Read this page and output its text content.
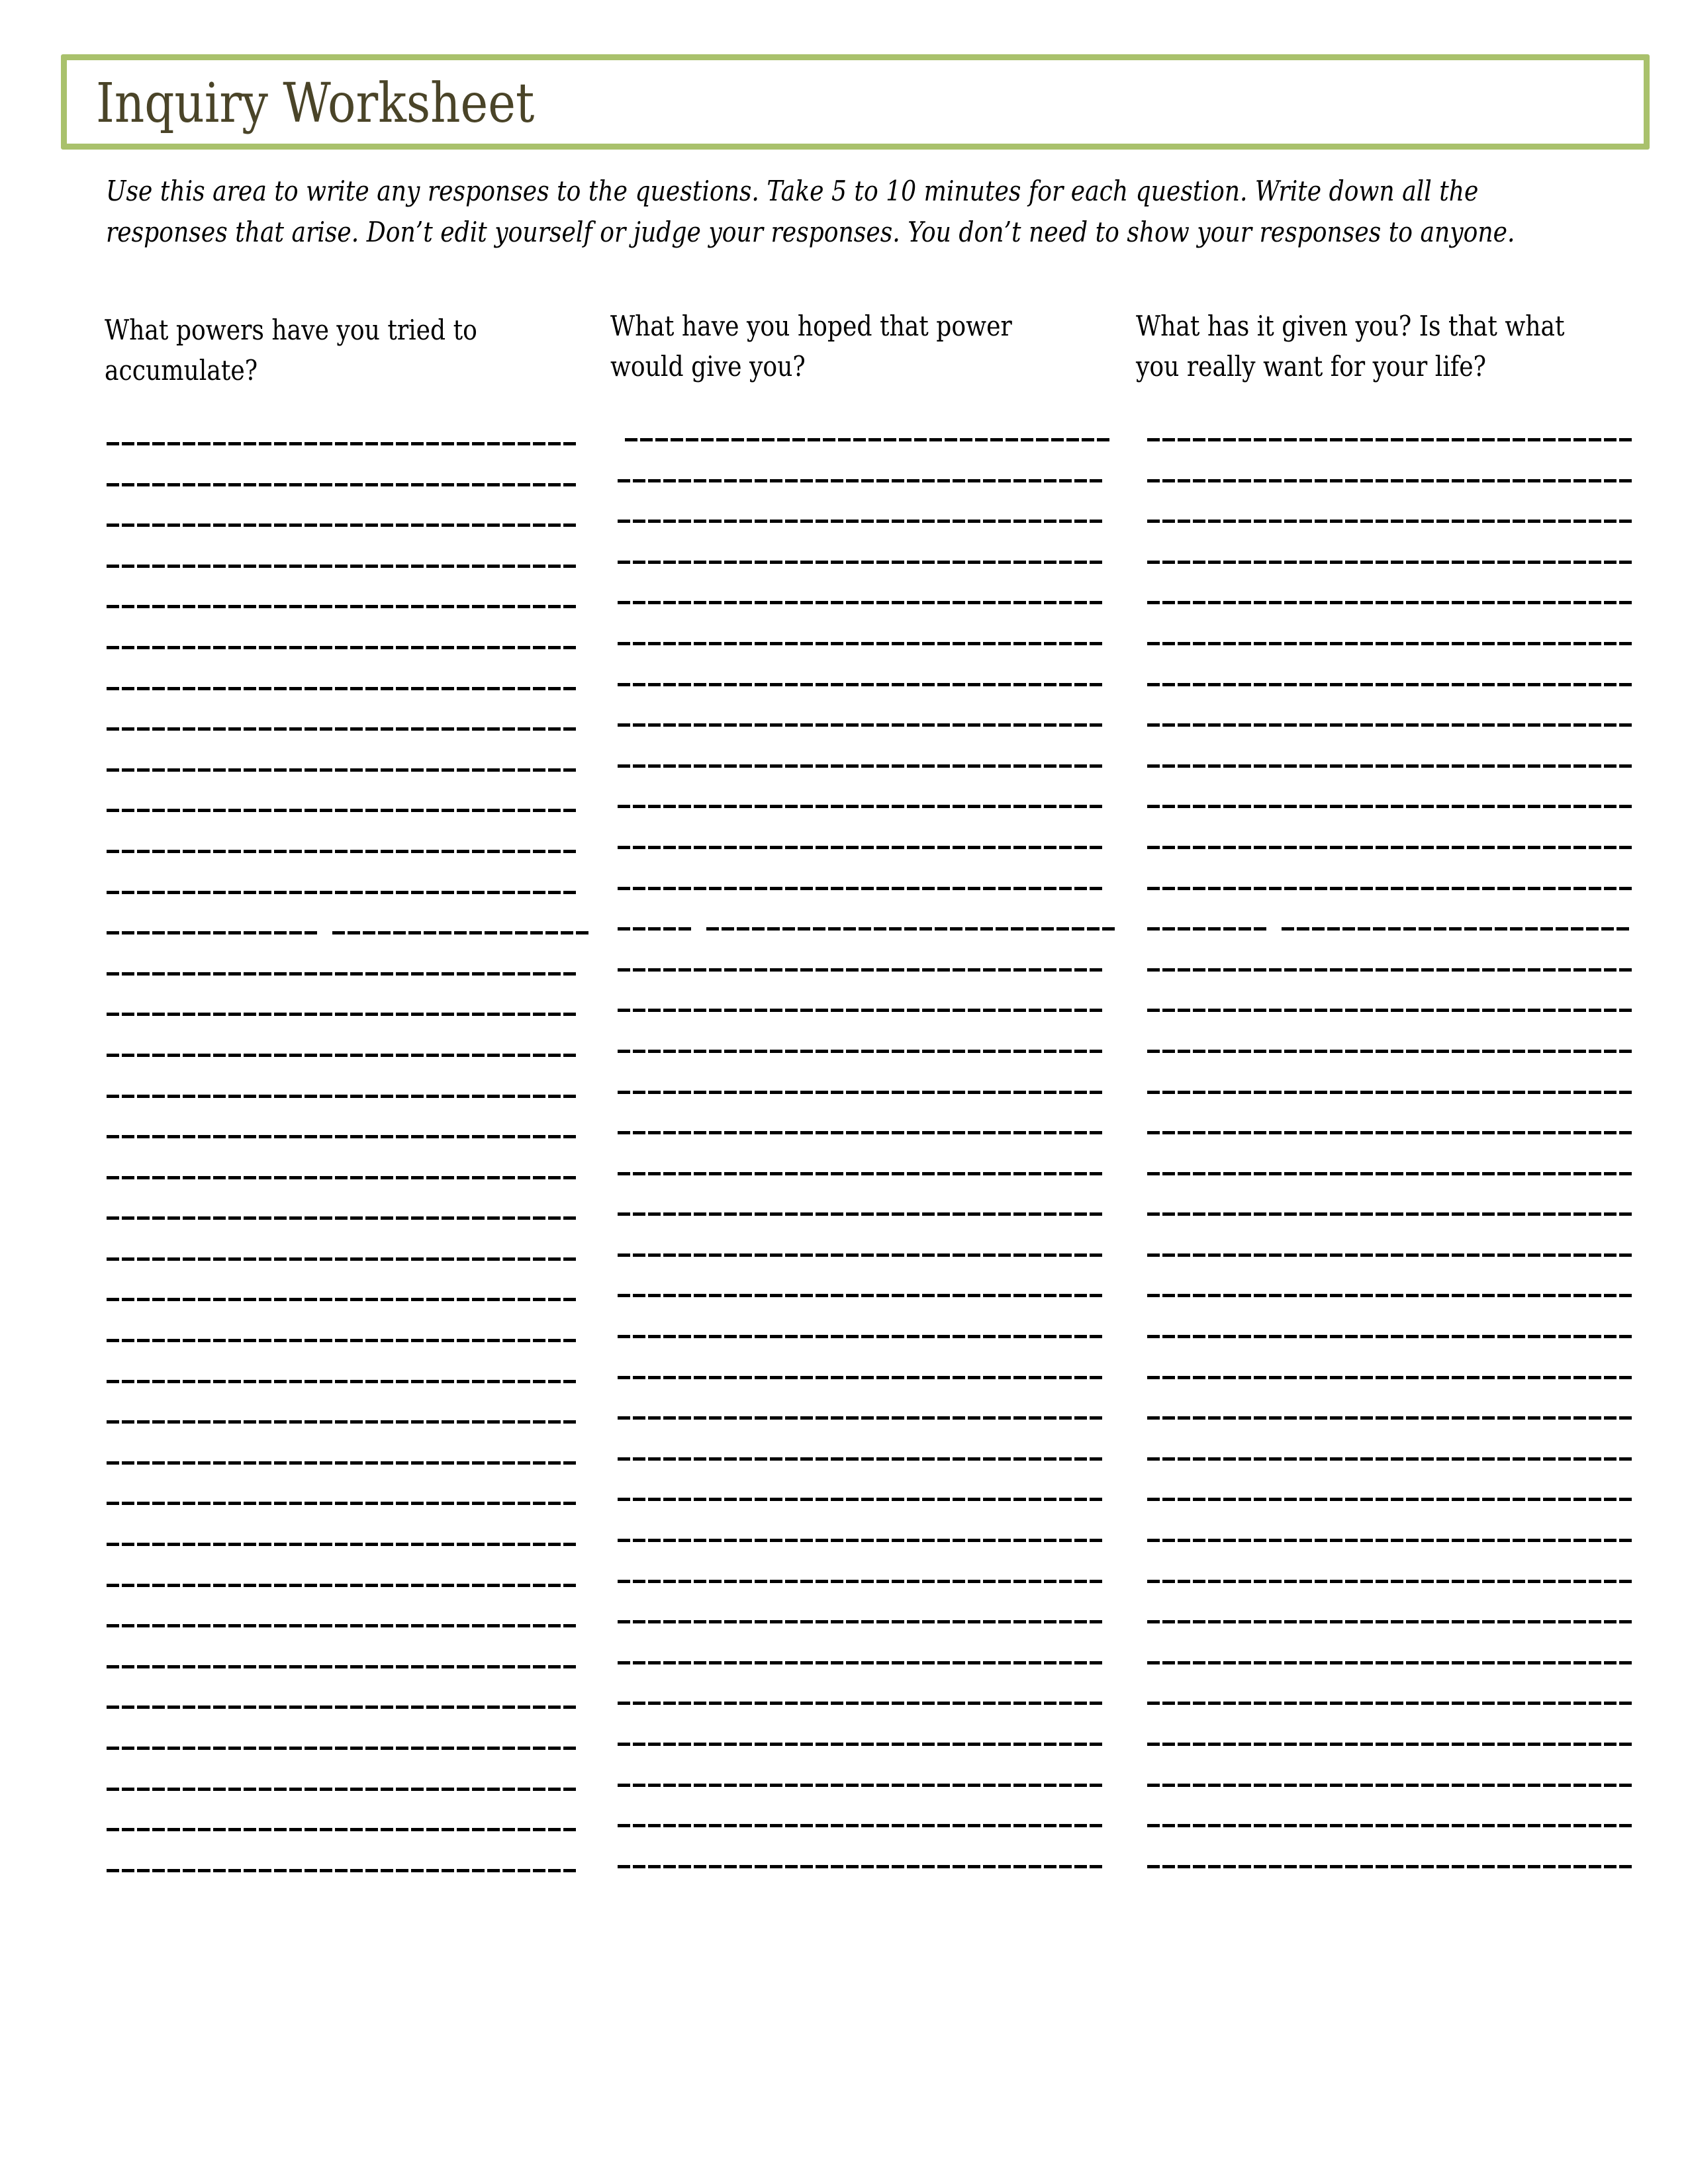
Inquiry Worksheet
Use this area to write any responses to the questions. Take 5 to 10 minutes for each question. Write down all the
responses that arise. Don’t edit yourself or judge your responses. You don’t need to show your responses to anyone.
What powers have you tried to
accumulate?
What have you hoped that power
would give you?
What has it given you? Is that what
you really want for your life?
